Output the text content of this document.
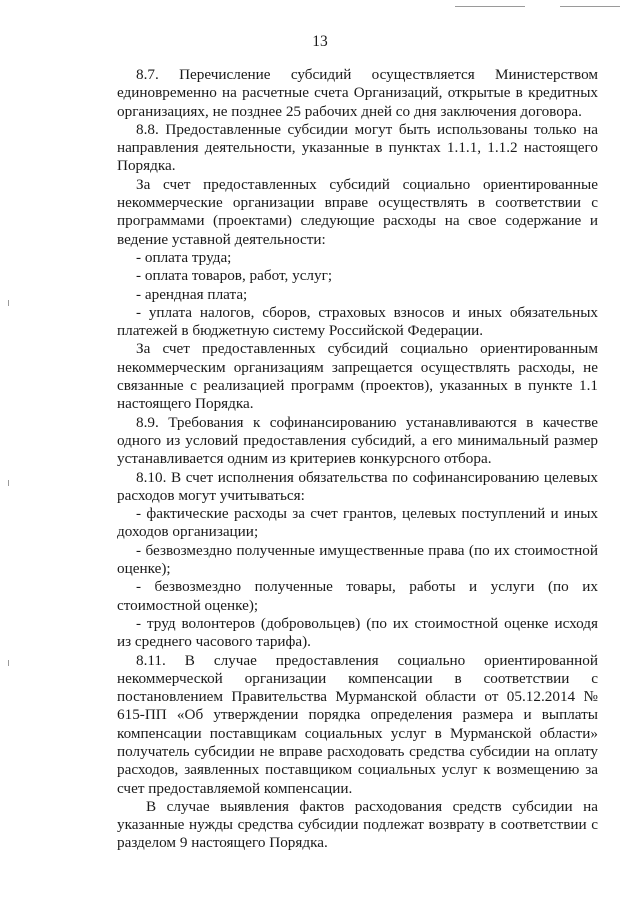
13

8.7. Перечисление субсидий осуществляется Министерством единовременно на расчетные счета Организаций, открытые в кредитных организациях, не позднее 25 рабочих дней со дня заключения договора.

8.8. Предоставленные субсидии могут быть использованы только на направления деятельности, указанные в пунктах 1.1.1, 1.1.2 настоящего Порядка.

За счет предоставленных субсидий социально ориентированные некоммерческие организации вправе осуществлять в соответствии с программами (проектами) следующие расходы на свое содержание и ведение уставной деятельности:

- оплата труда;

- оплата товаров, работ, услуг;

- арендная плата;

- уплата налогов, сборов, страховых взносов и иных обязательных платежей в бюджетную систему Российской Федерации.

За счет предоставленных субсидий социально ориентированным некоммерческим организациям запрещается осуществлять расходы, не связанные с реализацией программ (проектов), указанных в пункте 1.1 настоящего Порядка.

8.9. Требования к софинансированию устанавливаются в качестве одного из условий предоставления субсидий, а его минимальный размер устанавливается одним из критериев конкурсного отбора.

8.10. В счет исполнения обязательства по софинансированию целевых расходов могут учитываться:

- фактические расходы за счет грантов, целевых поступлений и иных доходов организации;

- безвозмездно полученные имущественные права (по их стоимостной оценке);

- безвозмездно полученные товары, работы и услуги (по их стоимостной оценке);

- труд волонтеров (добровольцев) (по их стоимостной оценке исходя из среднего часового тарифа).

8.11. В случае предоставления социально ориентированной некоммерческой организации компенсации в соответствии с постановлением Правительства Мурманской области от 05.12.2014 № 615-ПП «Об утверждении порядка определения размера и выплаты компенсации поставщикам социальных услуг в Мурманской области» получатель субсидии не вправе расходовать средства субсидии на оплату расходов, заявленных поставщиком социальных услуг к возмещению за счет предоставляемой компенсации.

В случае выявления фактов расходования средств субсидии на указанные нужды средства субсидии подлежат возврату в соответствии с разделом 9 настоящего Порядка.
